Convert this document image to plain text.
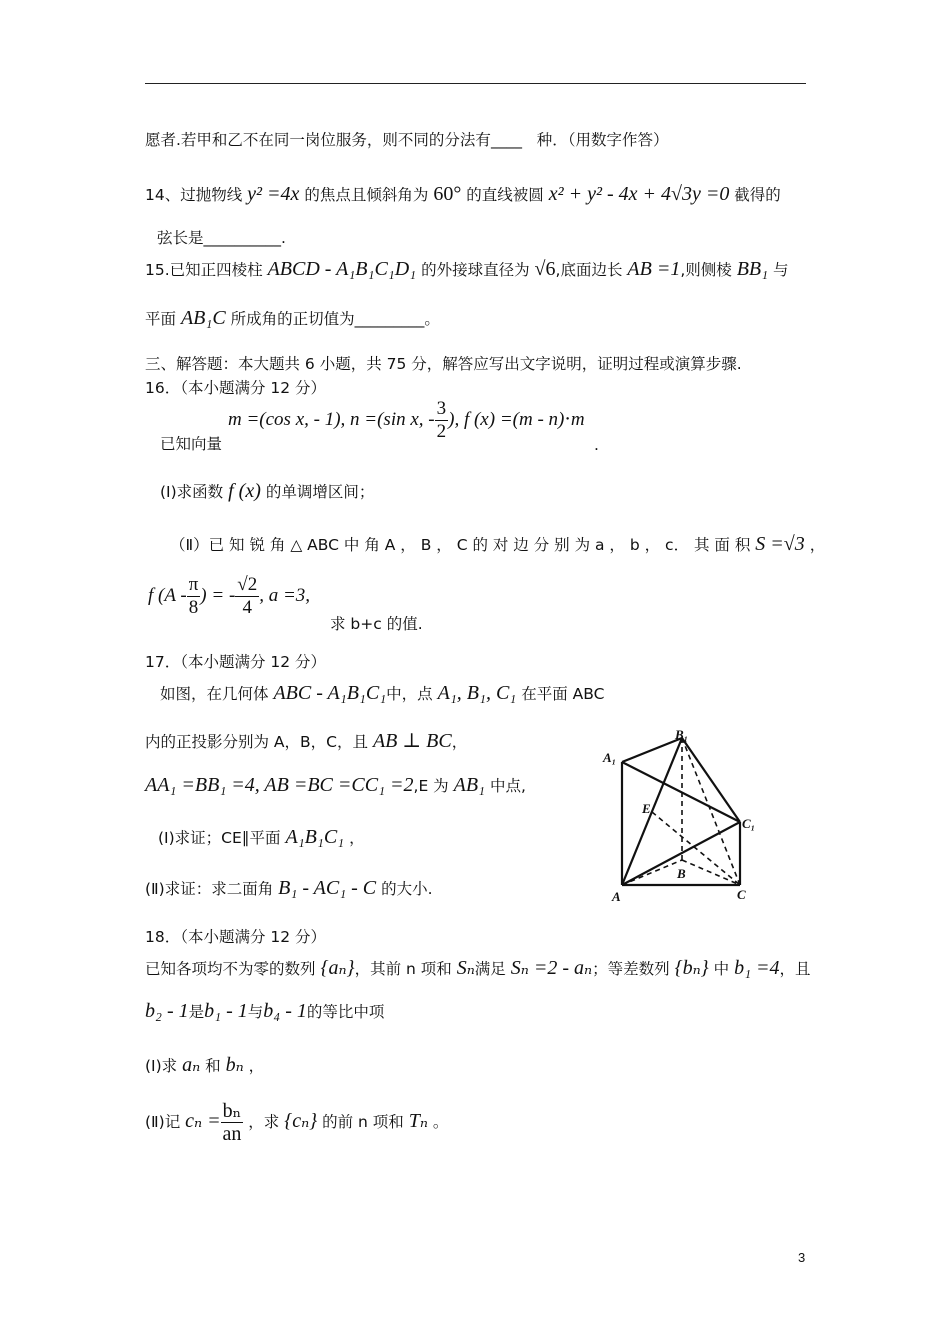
愿者.若甲和乙不在同一岗位服务，则不同的分法有____ 种．（用数字作答）
14、过抛物线 y² =4x 的焦点且倾斜角为 60° 的直线被圆 x² + y² - 4x + 4√3y =0 截得的
弦长是__________.
15.已知正四棱柱 ABCD - A₁B₁C₁D₁ 的外接球直径为 √6,底面边长 AB =1,则侧棱 BB₁ 与
平面 AB₁C 所成角的正切值为_________。
三、解答题：本大题共 6 小题，共 75 分，解答应写出文字说明，证明过程或演算步骤.
16．（本小题满分 12 分）
已知向量
m =(cos x, - 1), n =(sin x, - $\frac{3}{2}$ ), f (x) =(m - n)⋅m
.
(I)求函数 f (x) 的单调增区间；
（Ⅱ）已 知 锐 角 △ ABC 中 角 A ， B ， C 的 对 边 分 别 为 a ， b ， c． 其 面 积 S =√3 ，
f ($A - \frac{\pi}{8}$ ) = - $\frac{√2}{4}$ , a =3,
求 b+c 的值.
17．（本小题满分 12 分）
如图，在几何体 ABC - A₁B₁C₁中，点 A₁, B₁, C₁ 在平面 ABC
内的正投影分别为 A，B，C，且 AB ⊥ BC，
AA₁ =BB₁ =4, AB =BC =CC₁ =2,E 为 AB₁ 中点,
(I)求证；CE∥平面 A₁B₁C₁ ，
(Ⅱ)求证：求二面角 B₁ - AC₁ - C 的大小.
B₁
A₁
E
C₁
B
A	C
18．（本小题满分 12 分）
已知各项均不为零的数列 {aₙ}，其前 n 项和 Sₙ满足 Sₙ =2 - aₙ；等差数列 {bₙ} 中 b₁ =4，且
b₂ - 1是b₁ - 1与b₄ - 1的等比中项
(I)求 aₙ 和 bₙ ，
(Ⅱ)记 $c_n = \frac{\text{bₙ}}{an}$ ，求 {cₙ} 的前 n 项和 Tₙ 。
3
